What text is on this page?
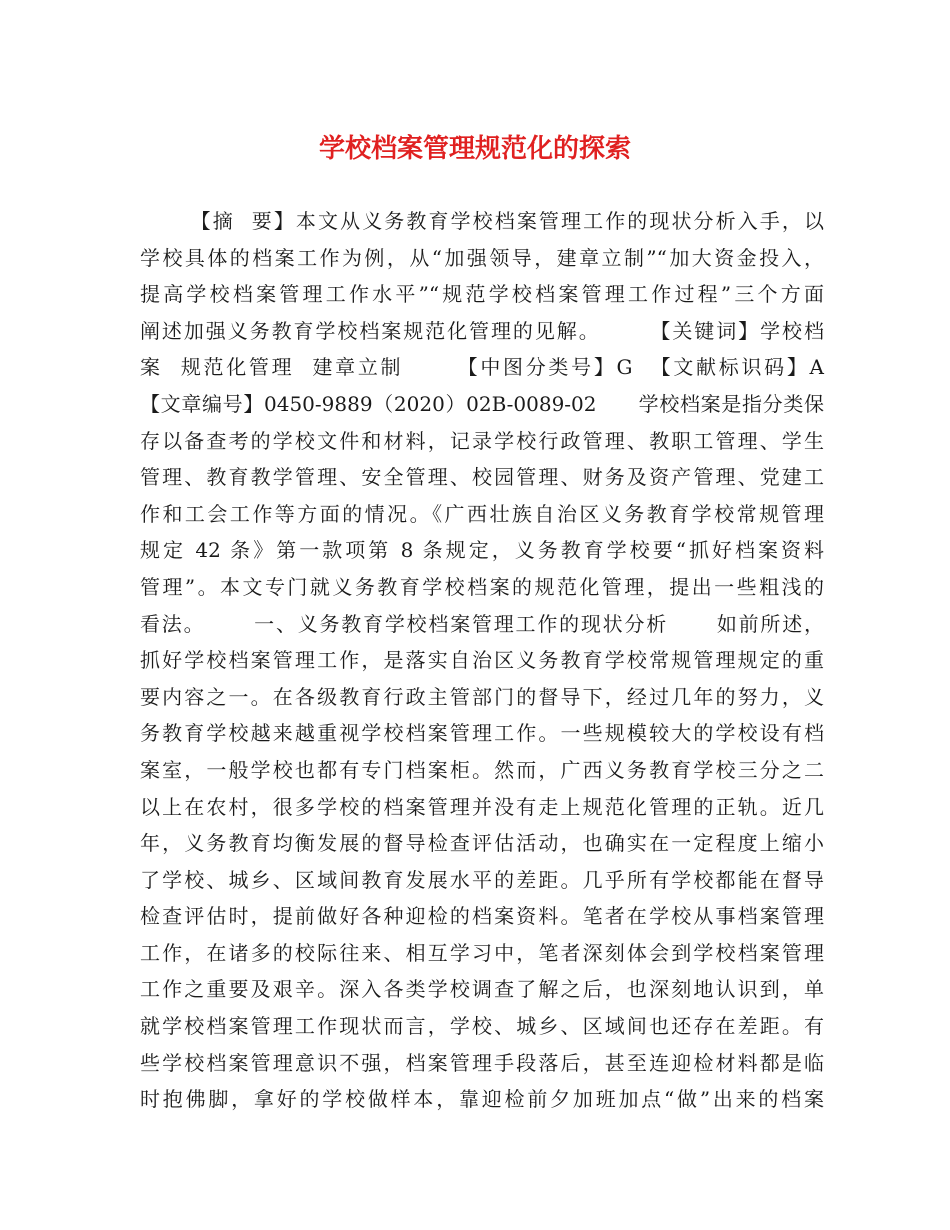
学校档案管理规范化的探索
【摘  要】本文从义务教育学校档案管理工作的现状分析入手，以
学校具体的档案工作为例，从“加强领导，建章立制”“加大资金投入，
提高学校档案管理工作水平”“规范学校档案管理工作过程”三个方面
阐述加强义务教育学校档案规范化管理的见解。      【关键词】学校档
案  规范化管理  建章立制      【中图分类号】G  【文献标识码】A
【文章编号】0450-9889（2020）02B-0089-02      学校档案是指分类保
存以备查考的学校文件和材料，记录学校行政管理、教职工管理、学生
管理、教育教学管理、安全管理、校园管理、财务及资产管理、党建工
作和工会工作等方面的情况。《广西壮族自治区义务教育学校常规管理
规定 42 条》第一款项第 8 条规定，义务教育学校要“抓好档案资料
管理”。本文专门就义务教育学校档案的规范化管理，提出一些粗浅的
看法。      一、义务教育学校档案管理工作的现状分析      如前所述，
抓好学校档案管理工作，是落实自治区义务教育学校常规管理规定的重
要内容之一。在各级教育行政主管部门的督导下，经过几年的努力，义
务教育学校越来越重视学校档案管理工作。一些规模较大的学校设有档
案室，一般学校也都有专门档案柜。然而，广西义务教育学校三分之二
以上在农村，很多学校的档案管理并没有走上规范化管理的正轨。近几
年，义务教育均衡发展的督导检查评估活动，也确实在一定程度上缩小
了学校、城乡、区域间教育发展水平的差距。几乎所有学校都能在督导
检查评估时，提前做好各种迎检的档案资料。笔者在学校从事档案管理
工作，在诸多的校际往来、相互学习中，笔者深刻体会到学校档案管理
工作之重要及艰辛。深入各类学校调查了解之后，也深刻地认识到，单
就学校档案管理工作现状而言，学校、城乡、区域间也还存在差距。有
些学校档案管理意识不强，档案管理手段落后，甚至连迎检材料都是临
时抱佛脚，拿好的学校做样本，靠迎检前夕加班加点“做”出来的档案
